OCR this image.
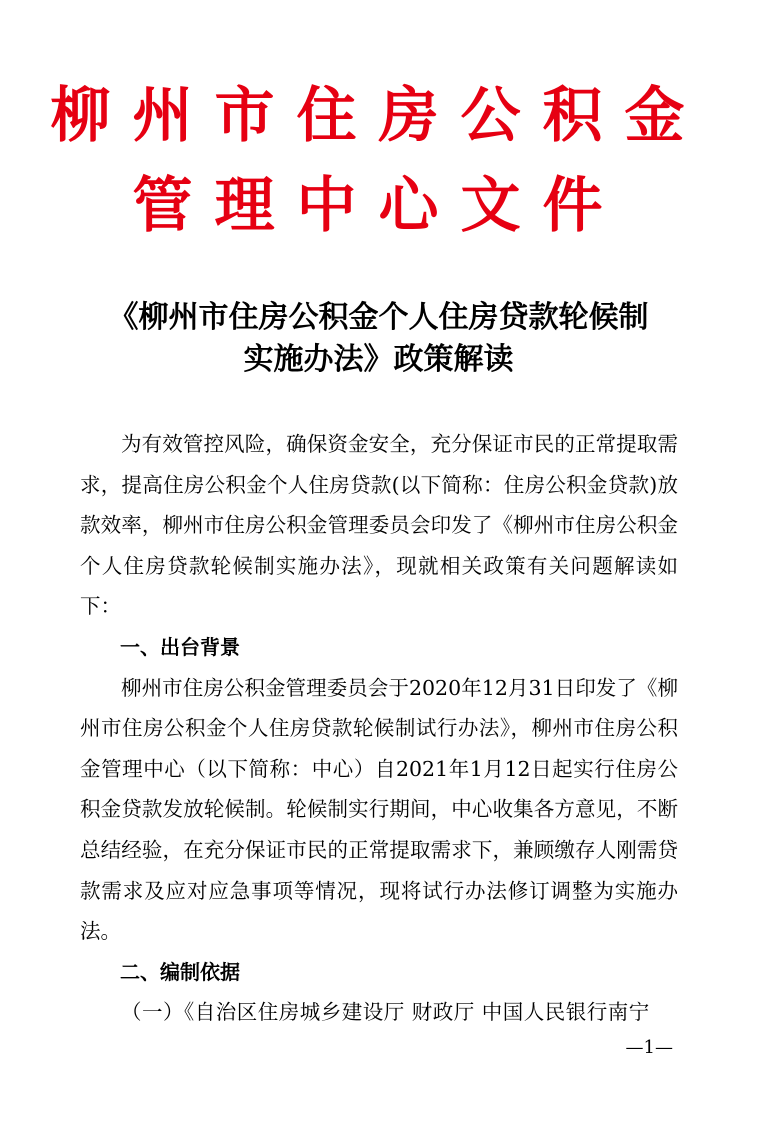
柳州市住房公积金
管理中心文件
《柳州市住房公积金个人住房贷款轮候制
实施办法》政策解读

为有效管控风险，确保资金安全，充分保证市民的正常提取需求，提高住房公积金个人住房贷款(以下简称：住房公积金贷款)放款效率，柳州市住房公积金管理委员会印发了《柳州市住房公积金个人住房贷款轮候制实施办法》，现就相关政策有关问题解读如下：

一、出台背景

柳州市住房公积金管理委员会于2020年12月31日印发了《柳州市住房公积金个人住房贷款轮候制试行办法》，柳州市住房公积金管理中心（以下简称：中心）自2021年1月12日起实行住房公积金贷款发放轮候制。轮候制实行期间，中心收集各方意见，不断总结经验，在充分保证市民的正常提取需求下，兼顾缴存人刚需贷款需求及应对应急事项等情况，现将试行办法修订调整为实施办法。

二、编制依据

（一）《自治区住房城乡建设厅 财政厅 中国人民银行南宁

—1—
